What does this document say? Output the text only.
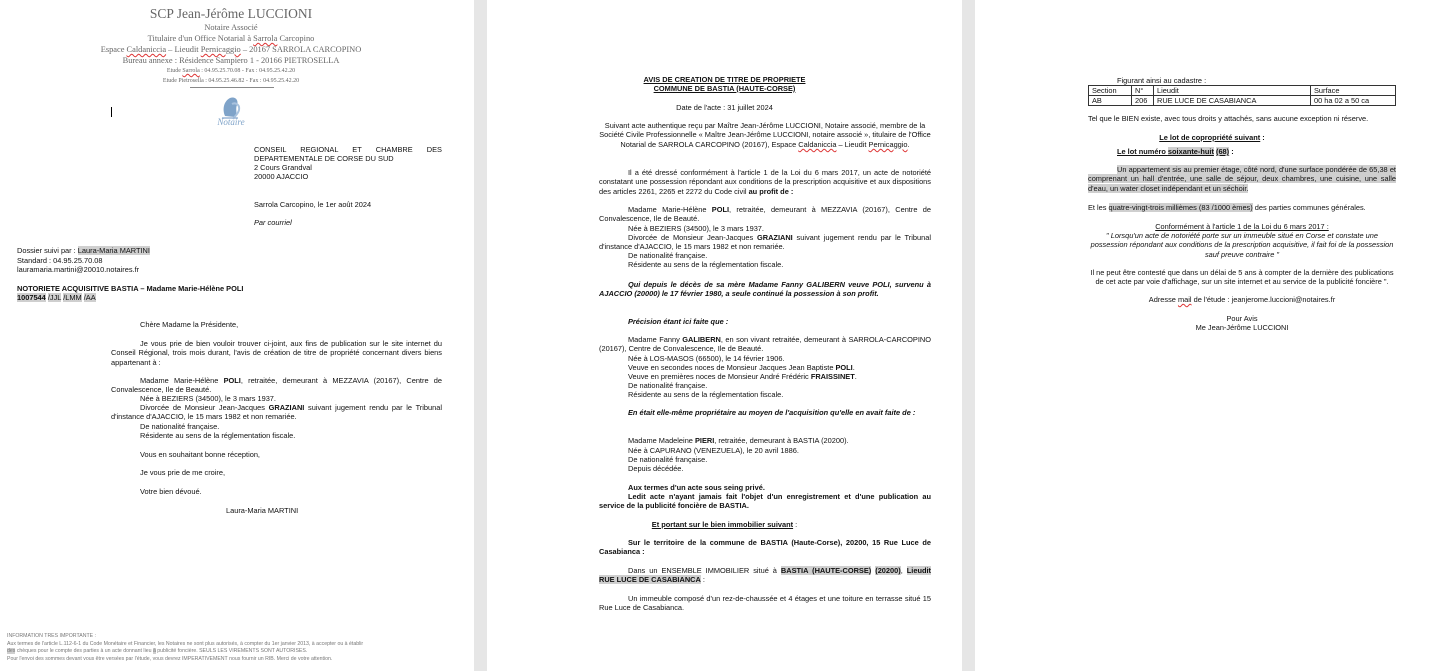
SCP Jean-Jérôme LUCCIONI
Notaire Associé
Titulaire d'un Office Notarial à Sarrola Carcopino
Espace Caldaniccia – Lieudit Pernicaggio – 20167 SARROLA CARCOPINO
Bureau annexe : Résidence Sampiero 1 - 20166 PIETROSELLA
Etude Sarrola : 04.95.25.70.08 - Fax : 04.95.25.42.20
Etude Pietrosella : 04.95.25.46.82 - Fax : 04.95.25.42.20
Notaire
CONSEIL REGIONAL ET CHAMBRE DES
DEPARTEMENTALE DE CORSE DU SUD
2 Cours Grandval
20000 AJACCIO
Sarrola Carcopino, le 1er août 2024
Par courriel
Dossier suivi par : Laura-Maria MARTINI
Standard : 04.95.25.70.08
lauramaria.martini@20010.notaires.fr
NOTORIETE ACQUISITIVE BASTIA – Madame Marie-Hélène POLI
1007544 /JJL /LMM /AA
Chère Madame la Présidente,
Je vous prie de bien vouloir trouver ci-joint, aux fins de publication sur le site internet du Conseil Régional, trois mois durant, l'avis de création de titre de propriété concernant divers biens appartenant à :
Madame Marie-Hélène POLI, retraitée, demeurant à MEZZAVIA (20167), Centre de Convalescence, Ile de Beauté.
Née à BEZIERS (34500), le 3 mars 1937.
Divorcée de Monsieur Jean-Jacques GRAZIANI suivant jugement rendu par le Tribunal d'instance d'AJACCIO, le 15 mars 1982 et non remariée.
De nationalité française.
Résidente au sens de la réglementation fiscale.
Vous en souhaitant bonne réception,
Je vous prie de me croire,
Votre bien dévoué.
Laura-Maria MARTINI
INFORMATION TRES IMPORTANTE :
Aux termes de l'article L.112-6-1 du Code Monétaire et Financier, les Notaires ne sont plus autorisés, à compter du 1er janvier 2013, à accepter ou à établir
des chèques pour le compte des parties à un acte donnant lieu à publicité foncière. SEULS LES VIREMENTS SONT AUTORISES.
Pour l'envoi des sommes devant vous être versées par l'étude, vous devrez IMPERATIVEMENT nous fournir un RIB. Merci de votre attention.
AVIS DE CREATION DE TITRE DE PROPRIETE
COMMUNE DE BASTIA (HAUTE-CORSE)
Date de l'acte : 31 juillet 2024
Suivant acte authentique reçu par Maître Jean-Jérôme LUCCIONI, Notaire associé, membre de la Société Civile Professionnelle « Maître Jean-Jérôme LUCCIONI, notaire associé », titulaire de l'Office Notarial de SARROLA CARCOPINO (20167), Espace Caldaniccia – Lieudit Pernicaggio.
Il a été dressé conformément à l'article 1 de la Loi du 6 mars 2017, un acte de notoriété constatant une possession répondant aux conditions de la prescription acquisitive et aux dispositions des articles 2261, 2265 et 2272 du Code civil au profit de :
Madame Marie-Hélène POLI, retraitée, demeurant à MEZZAVIA (20167), Centre de Convalescence, Ile de Beauté.
Née à BEZIERS (34500), le 3 mars 1937.
Divorcée de Monsieur Jean-Jacques GRAZIANI suivant jugement rendu par le Tribunal d'instance d'AJACCIO, le 15 mars 1982 et non remariée.
De nationalité française.
Résidente au sens de la réglementation fiscale.
Qui depuis le décès de sa mère Madame Fanny GALIBERN veuve POLI, survenu à AJACCIO (20000) le 17 février 1980, a seule continué la possession à son profit.
Précision étant ici faite que :
Madame Fanny GALIBERN, en son vivant retraitée, demeurant à SARROLA-CARCOPINO (20167), Centre de Convalescence, Ile de Beauté.
Née à LOS-MASOS (66500), le 14 février 1906.
Veuve en secondes noces de Monsieur Jacques Jean Baptiste POLI.
Veuve en premières noces de Monsieur André Frédéric FRAISSINET.
De nationalité française.
Résidente au sens de la réglementation fiscale.
En était elle-même propriétaire au moyen de l'acquisition qu'elle en avait faite de :
Madame Madeleine PIERI, retraitée, demeurant à BASTIA (20200).
Née à CAPURANO (VENEZUELA), le 20 avril 1886.
De nationalité française.
Depuis décédée.
Aux termes d'un acte sous seing privé.
Ledit acte n'ayant jamais fait l'objet d'un enregistrement et d'une publication au service de la publicité foncière de BASTIA.
Et portant sur le bien immobilier suivant :
Sur le territoire de la commune de BASTIA (Haute-Corse), 20200, 15 Rue Luce de Casabianca :
Dans un ENSEMBLE IMMOBILIER situé à BASTIA (HAUTE-CORSE) (20200), Lieudit RUE LUCE DE CASABIANCA :
Un immeuble composé d'un rez-de-chaussée et 4 étages et une toiture en terrasse situé 15 Rue Luce de Casabianca.
Figurant ainsi au cadastre :
Section	N°	Lieudit	Surface
AB	206	RUE LUCE DE CASABIANCA	00 ha 02 a 50 ca
Tel que le BIEN existe, avec tous droits y attachés, sans aucune exception ni réserve.
Le lot de copropriété suivant :
Le lot numéro soixante-huit (68) :
Un appartement sis au premier étage, côté nord, d'une surface pondérée de 65,38 et comprenant un hall d'entrée, une salle de séjour, deux chambres, une cuisine, une salle d'eau, un water closet indépendant et un séchoir.
Et les quatre-vingt-trois millièmes (83 /1000 èmes) des parties communes générales.
Conformément à l'article 1 de la Loi du 6 mars 2017 :
" Lorsqu'un acte de notoriété porte sur un immeuble situé en Corse et constate une possession répondant aux conditions de la prescription acquisitive, il fait foi de la possession sauf preuve contraire "
Il ne peut être contesté que dans un délai de 5 ans à compter de la dernière des publications de cet acte par voie d'affichage, sur un site internet et au service de la publicité foncière ".
Adresse mail de l'étude : jeanjerome.luccioni@notaires.fr
Pour Avis
Me Jean-Jérôme LUCCIONI
